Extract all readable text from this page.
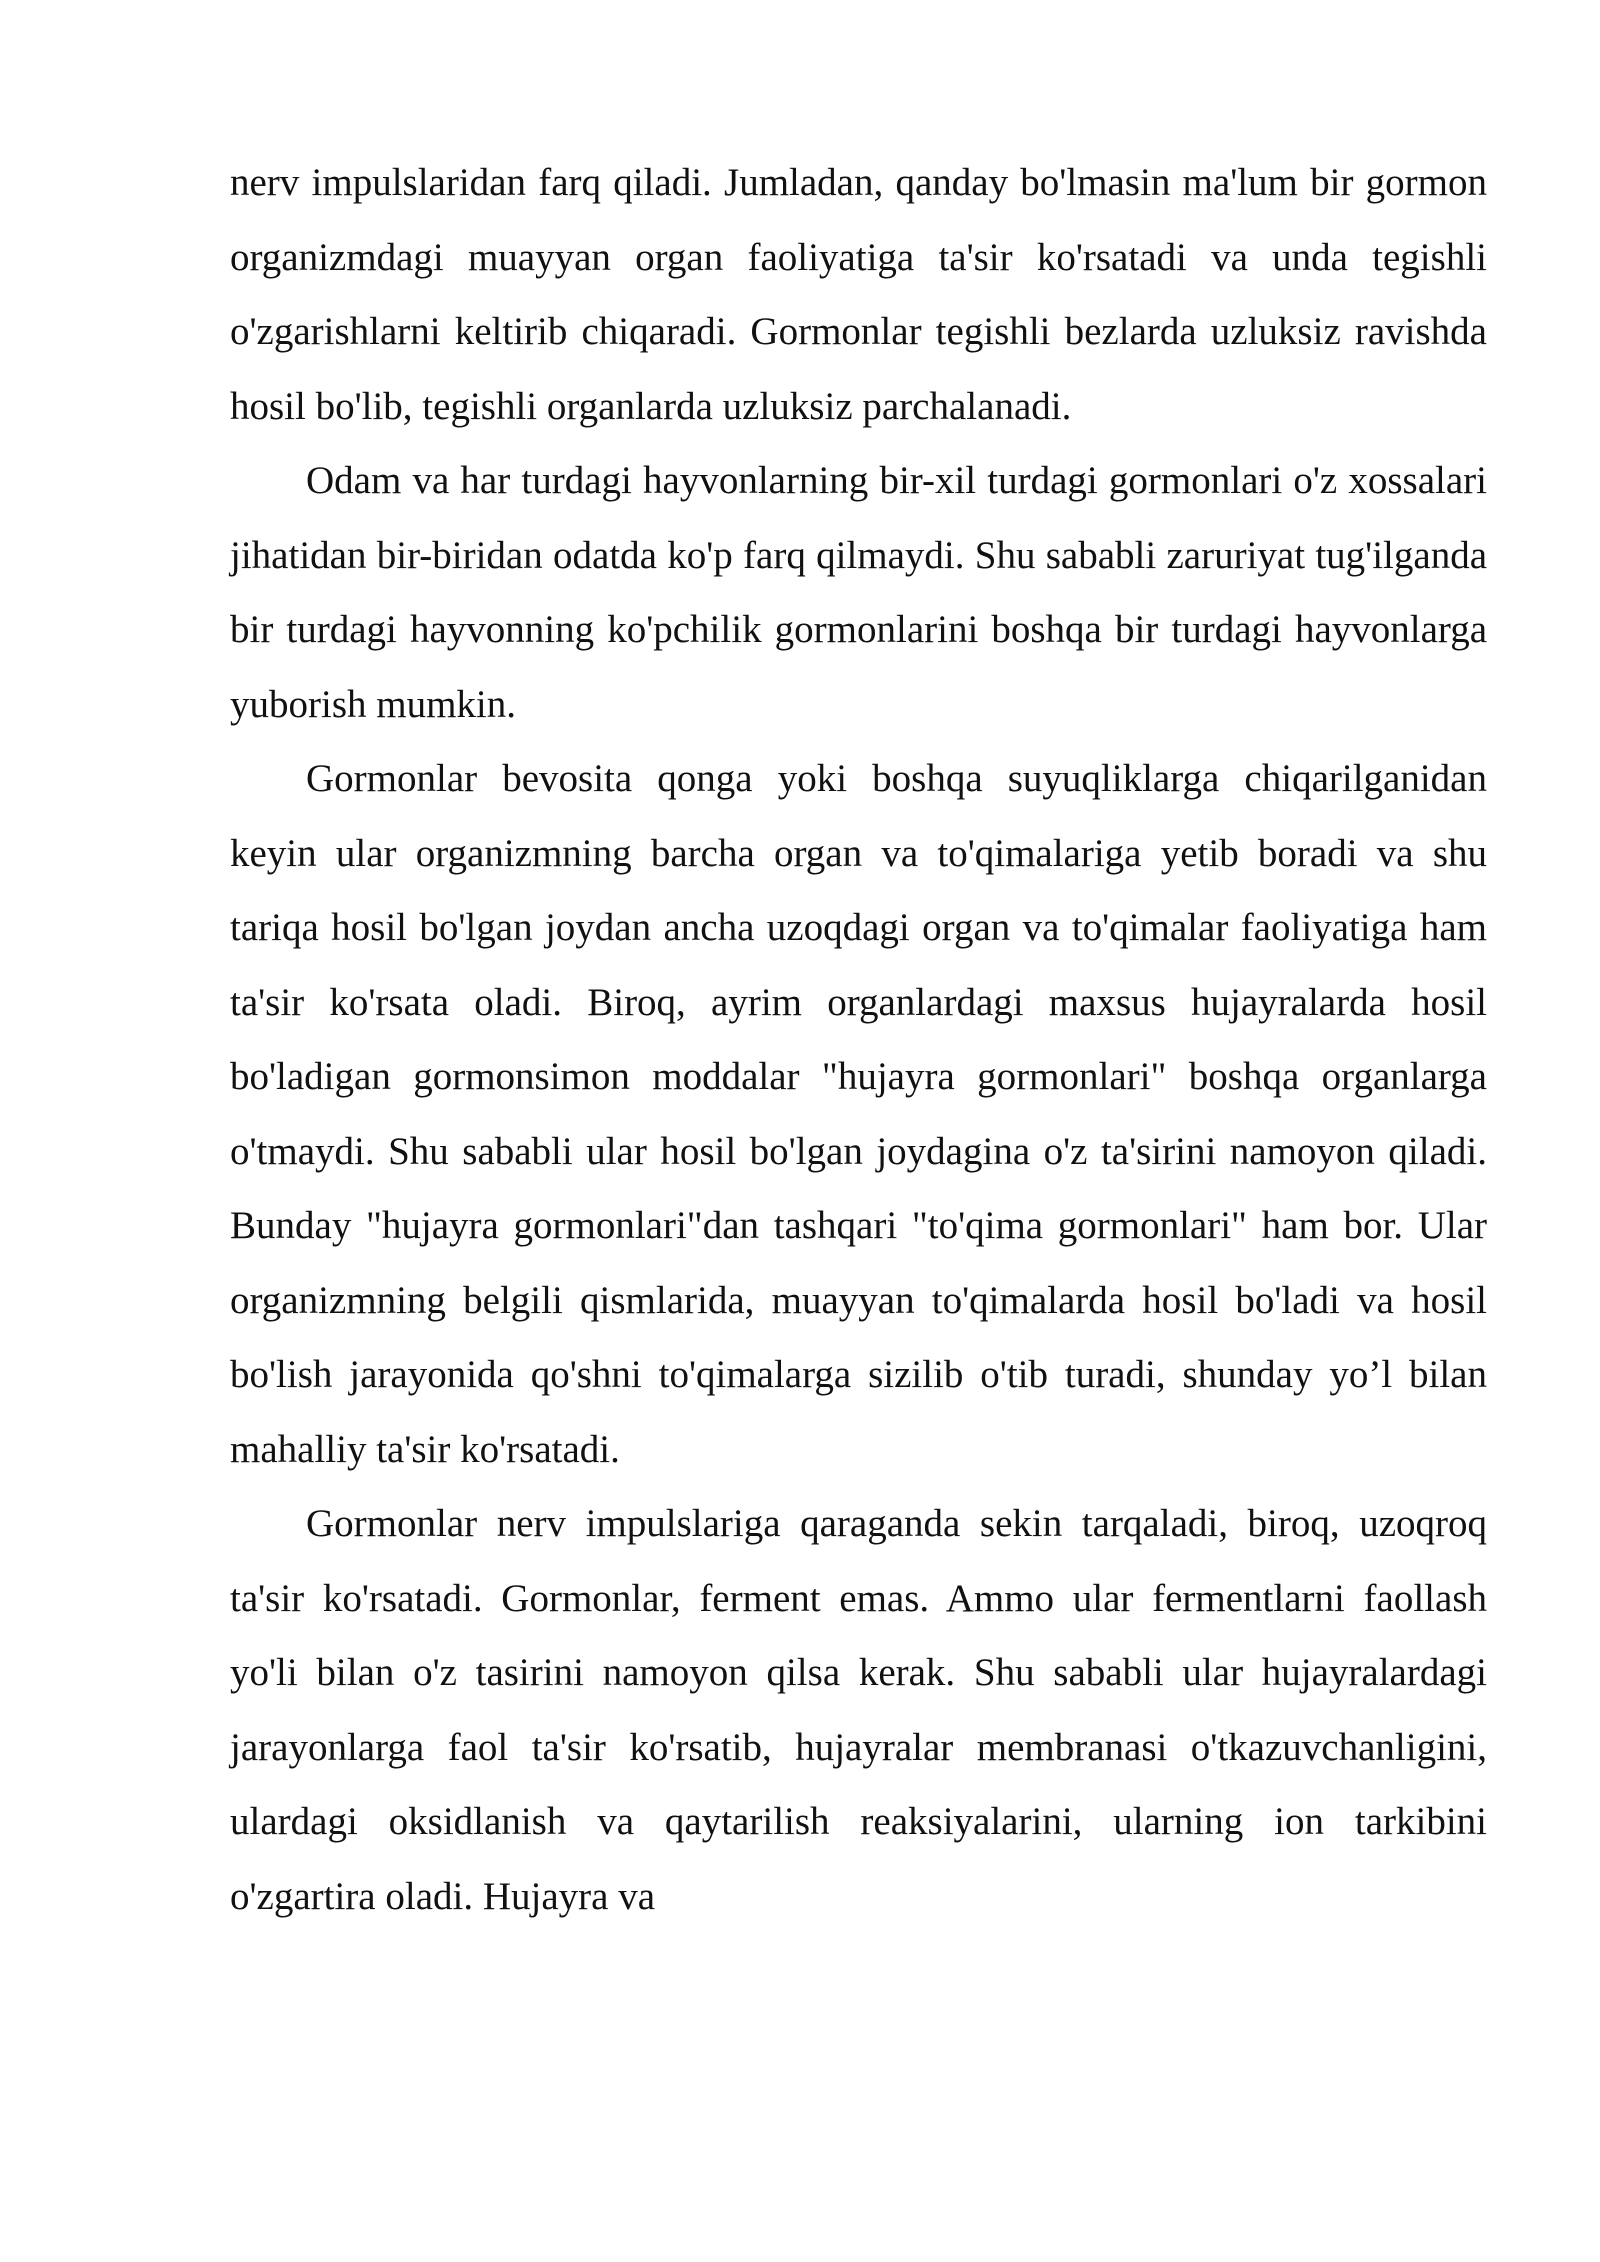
nerv impulslaridan farq qiladi. Jumladan, qanday bo'lmasin ma'lum bir gormon organizmdagi muayyan organ faoliyatiga ta'sir ko'rsatadi va unda tegishli o'zgarishlarni keltirib chiqaradi. Gormonlar tegishli bezlarda uzluksiz ravishda hosil bo'lib, tegishli organlarda uzluksiz parchalanadi.

Odam va har turdagi hayvonlarning bir-xil turdagi gormonlari o'z xossalari jihatidan bir-biridan odatda ko'p farq qilmaydi. Shu sababli zaruriyat tug'ilganda bir turdagi hayvonning ko'pchilik gormonlarini boshqa bir turdagi hayvonlarga yuborish mumkin.

Gormonlar bevosita qonga yoki boshqa suyuqliklarga chiqarilganidan keyin ular organizmning barcha organ va to'qimalariga yetib boradi va shu tariqa hosil bo'lgan joydan ancha uzoqdagi organ va to'qimalar faoliyatiga ham ta'sir ko'rsata oladi. Biroq, ayrim organlardagi maxsus hujayralarda hosil bo'ladigan gormonsimon moddalar "hujayra gormonlari" boshqa organlarga o'tmaydi. Shu sababli ular hosil bo'lgan joydagina o'z ta'sirini namoyon qiladi. Bunday "hujayra gormonlari"dan tashqari "to'qima gormonlari" ham bor. Ular organizmning belgili qismlarida, muayyan to'qimalarda hosil bo'ladi va hosil bo'lish jarayonida qo'shni to'qimalarga sizilib o'tib turadi, shunday yo’l bilan mahalliy ta'sir ko'rsatadi.

Gormonlar nerv impulslariga qaraganda sekin tarqaladi, biroq, uzoqroq ta'sir ko'rsatadi. Gormonlar, ferment emas. Ammo ular fermentlarni faollash yo'li bilan o'z tasirini namoyon qilsa kerak. Shu sababli ular hujayralardagi jarayonlarga faol ta'sir ko'rsatib, hujayralar membranasi o'tkazuvchanligini, ulardagi oksidlanish va qaytarilish reaksiyalarini, ularning ion tarkibini o'zgartira oladi. Hujayra va
